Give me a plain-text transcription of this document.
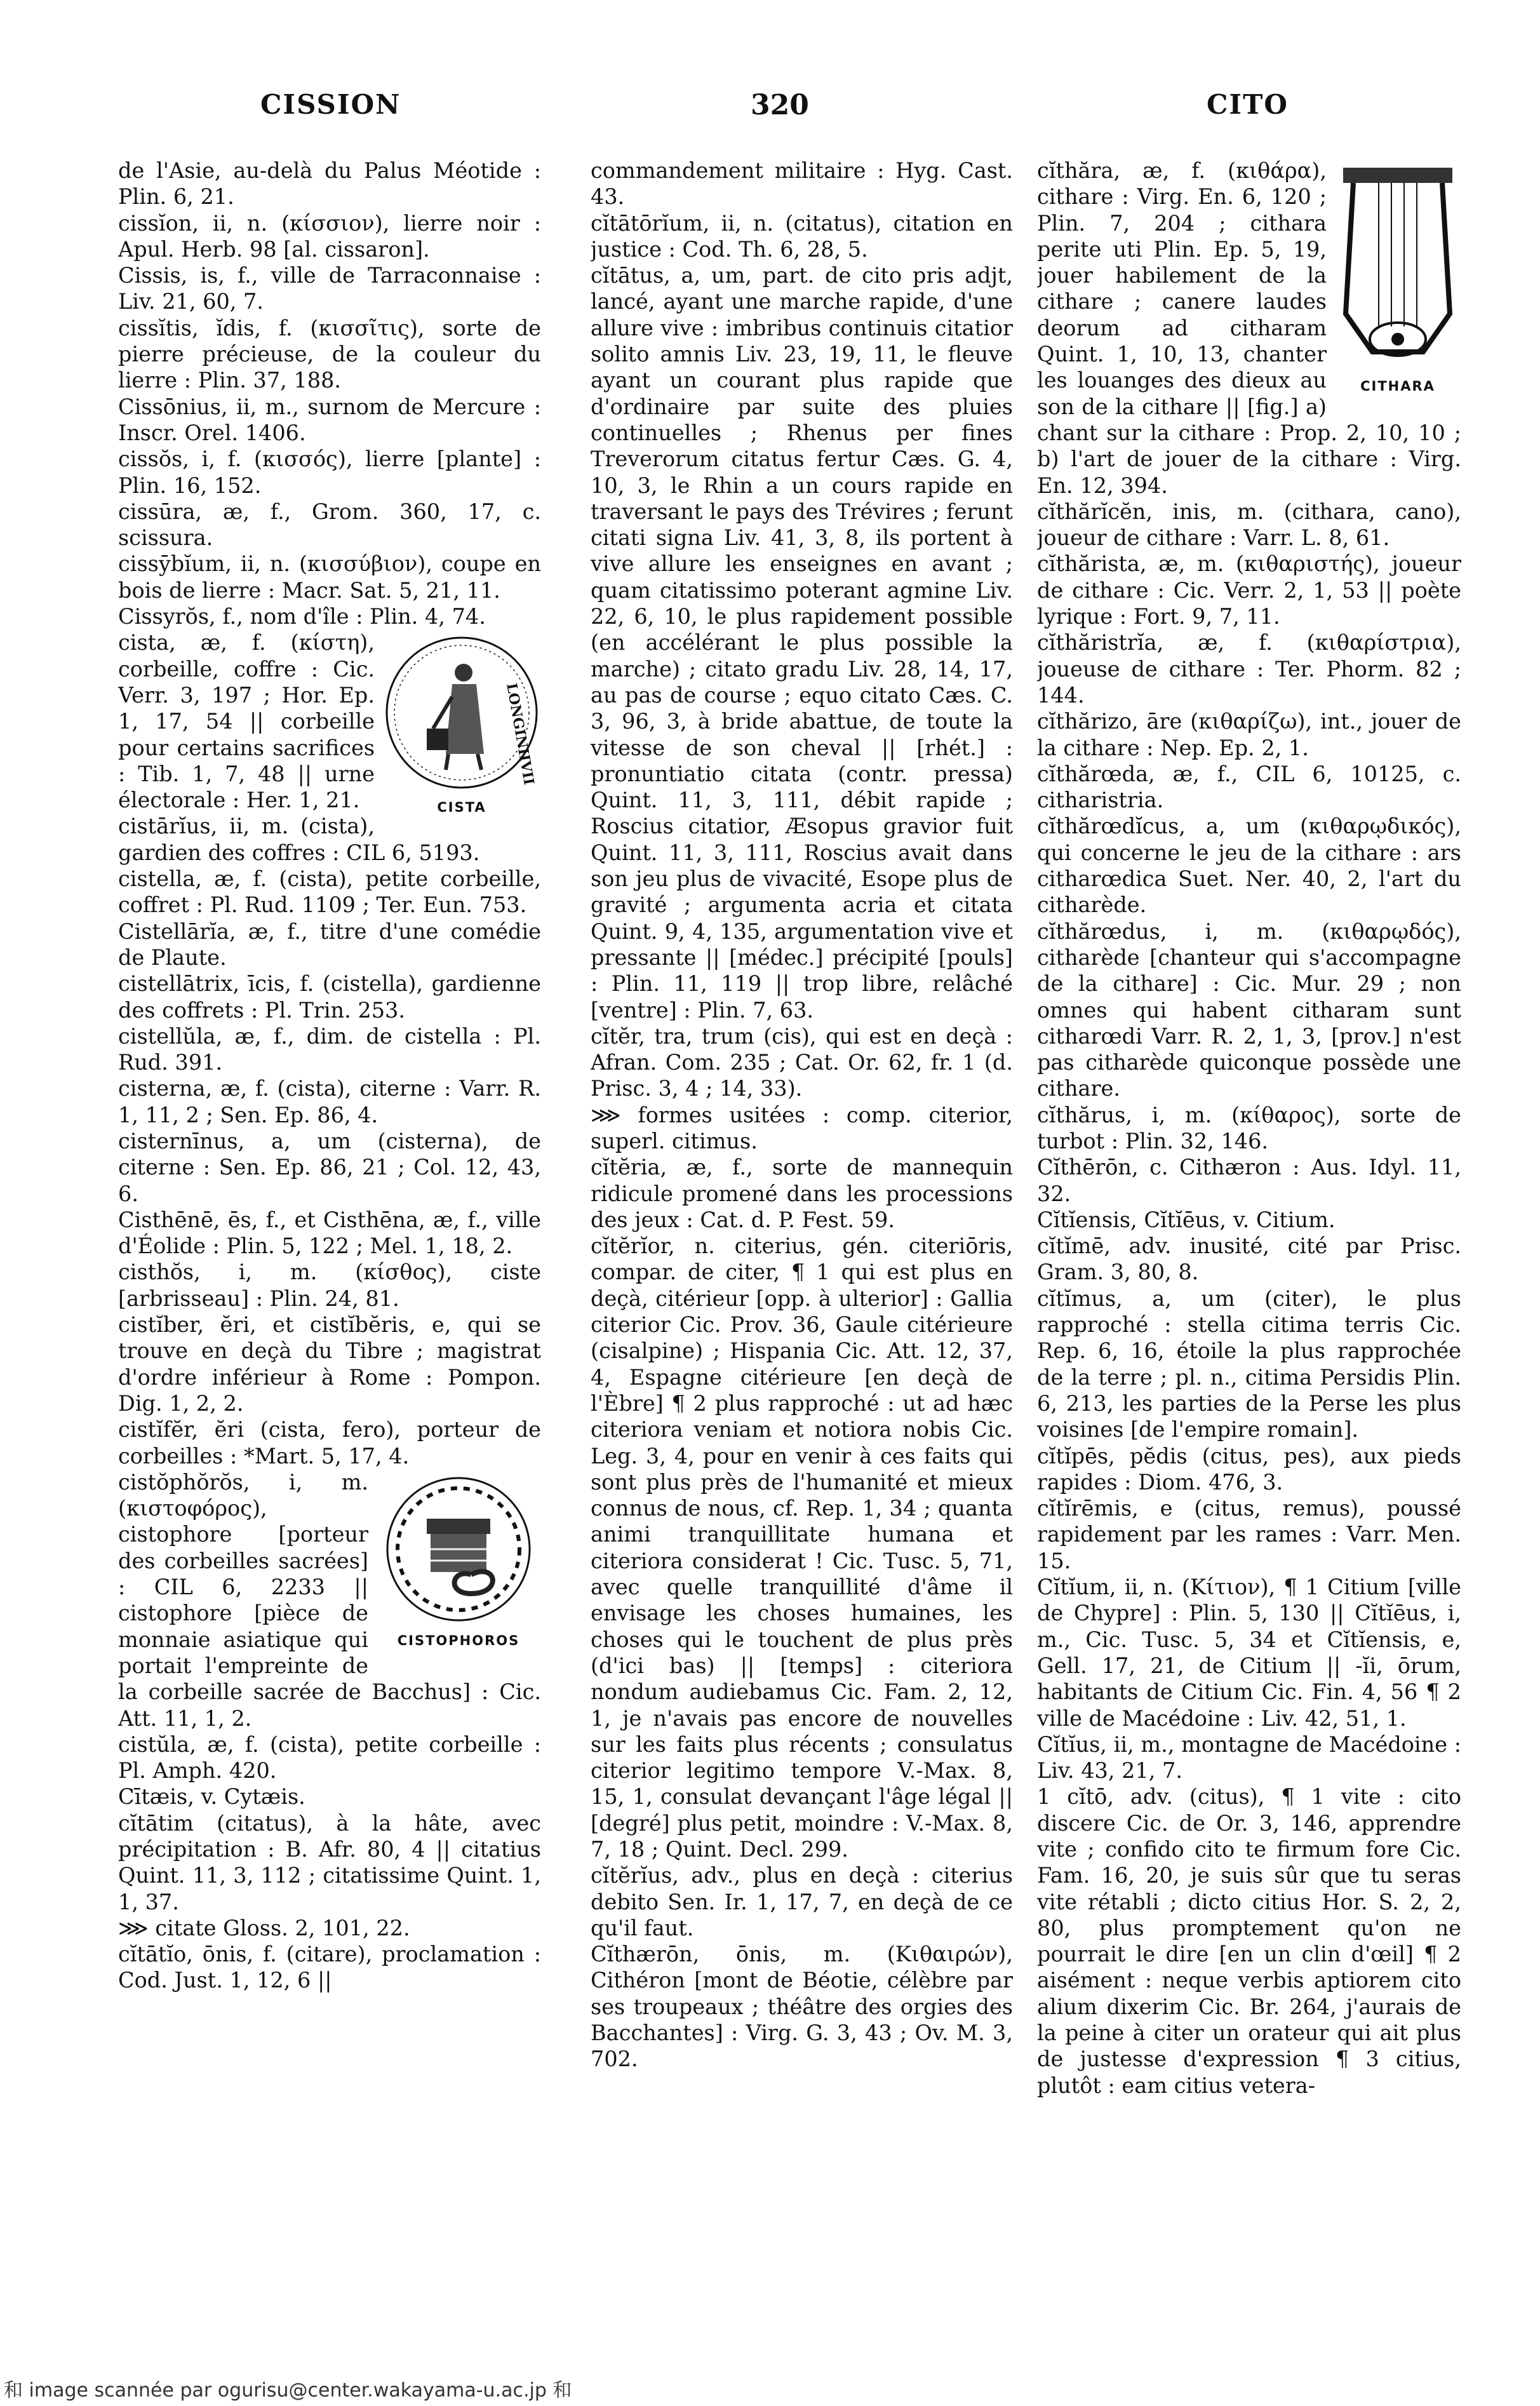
CISSION	320	CITO

de l'Asie, au-delà du Palus Méotide : Plin. 6, 21.

cissĭon, ii, n. (κίσσιον), lierre noir : Apul. Herb. 98 [al. cissaron].

Cissis, is, f., ville de Tarraconnaise : Liv. 21, 60, 7.

cissĭtis, ĭdis, f. (κισσῖτις), sorte de pierre précieuse, de la couleur du lierre : Plin. 37, 188.

Cissōnius, ii, m., surnom de Mercure : Inscr. Orel. 1406.

cissŏs, i, f. (κισσός), lierre [plante] : Plin. 16, 152.

cissūra, æ, f., Grom. 360, 17, c. scissura.

cissȳbĭum, ii, n. (κισσύβιον), coupe en bois de lierre : Macr. Sat. 5, 21, 11.

Cissyrŏs, f., nom d'île : Plin. 4, 74.

LONGINIIVII
CISTA

cista, æ, f. (κίστη), corbeille, coffre : Cic. Verr. 3, 197 ; Hor. Ep. 1, 17, 54 || corbeille pour certains sacrifices : Tib. 1, 7, 48 || urne électorale : Her. 1, 21.

cistārĭus, ii, m. (cista), gardien des coffres : CIL 6, 5193.

cistella, æ, f. (cista), petite corbeille, coffret : Pl. Rud. 1109 ; Ter. Eun. 753.

Cistellārĭa, æ, f., titre d'une comédie de Plaute.

cistellātrix, īcis, f. (cistella), gardienne des coffrets : Pl. Trin. 253.

cistellŭla, æ, f., dim. de cistella : Pl. Rud. 391.

cisterna, æ, f. (cista), citerne : Varr. R. 1, 11, 2 ; Sen. Ep. 86, 4.

cisternīnus, a, um (cisterna), de citerne : Sen. Ep. 86, 21 ; Col. 12, 43, 6.

Cisthēnē, ēs, f., et Cisthēna, æ, f., ville d'Éolide : Plin. 5, 122 ; Mel. 1, 18, 2.

cisthŏs, i, m. (κίσθος), ciste [arbrisseau] : Plin. 24, 81.

cistĭber, ĕri, et cistĭbĕris, e, qui se trouve en deçà du Tibre ; magistrat d'ordre inférieur à Rome : Pompon. Dig. 1, 2, 2.

cistĭfĕr, ĕri (cista, fero), porteur de corbeilles : *Mart. 5, 17, 4.

CISTOPHOROS

cistŏphŏrŏs, i, m. (κιστοφόρος), cistophore [porteur des corbeilles sacrées] : CIL 6, 2233 || cistophore [pièce de monnaie asiatique qui portait l'empreinte de la corbeille sacrée de Bacchus] : Cic. Att. 11, 1, 2.

cistŭla, æ, f. (cista), petite corbeille : Pl. Amph. 420.

Cītæis, v. Cytæis.

cĭtātim (citatus), à la hâte, avec précipitation : B. Afr. 80, 4 || citatius Quint. 11, 3, 112 ; citatissime Quint. 1, 1, 37.

⋙ citate Gloss. 2, 101, 22.

cĭtātĭo, ōnis, f. (citare), proclamation : Cod. Just. 1, 12, 6 ||

commandement militaire : Hyg. Cast. 43.

cĭtātōrĭum, ii, n. (citatus), citation en justice : Cod. Th. 6, 28, 5.

cĭtātus, a, um, part. de cito pris adjt, lancé, ayant une marche rapide, d'une allure vive : imbribus continuis citatior solito amnis Liv. 23, 19, 11, le fleuve ayant un courant plus rapide que d'ordinaire par suite des pluies continuelles ; Rhenus per fines Treverorum citatus fertur Cæs. G. 4, 10, 3, le Rhin a un cours rapide en traversant le pays des Trévires ; ferunt citati signa Liv. 41, 3, 8, ils portent à vive allure les enseignes en avant ; quam citatissimo poterant agmine Liv. 22, 6, 10, le plus rapidement possible (en accélérant le plus possible la marche) ; citato gradu Liv. 28, 14, 17, au pas de course ; equo citato Cæs. C. 3, 96, 3, à bride abattue, de toute la vitesse de son cheval || [rhét.] : pronuntiatio citata (contr. pressa) Quint. 11, 3, 111, débit rapide ; Roscius citatior, Æsopus gravior fuit Quint. 11, 3, 111, Roscius avait dans son jeu plus de vivacité, Esope plus de gravité ; argumenta acria et citata Quint. 9, 4, 135, argumentation vive et pressante || [médec.] précipité [pouls] : Plin. 11, 119 || trop libre, relâché [ventre] : Plin. 7, 63.

cĭtĕr, tra, trum (cis), qui est en deçà : Afran. Com. 235 ; Cat. Or. 62, fr. 1 (d. Prisc. 3, 4 ; 14, 33).

⋙ formes usitées : comp. citerior, superl. citimus.

cĭtĕria, æ, f., sorte de mannequin ridicule promené dans les processions des jeux : Cat. d. P. Fest. 59.

cĭtĕrĭor, n. citerius, gén. citeriōris, compar. de citer, ¶ 1 qui est plus en deçà, citérieur [opp. à ulterior] : Gallia citerior Cic. Prov. 36, Gaule citérieure (cisalpine) ; Hispania Cic. Att. 12, 37, 4, Espagne citérieure [en deçà de l'Èbre] ¶ 2 plus rapproché : ut ad hæc citeriora veniam et notiora nobis Cic. Leg. 3, 4, pour en venir à ces faits qui sont plus près de l'humanité et mieux connus de nous, cf. Rep. 1, 34 ; quanta animi tranquillitate humana et citeriora considerat ! Cic. Tusc. 5, 71, avec quelle tranquillité d'âme il envisage les choses humaines, les choses qui le touchent de plus près (d'ici bas) || [temps] : citeriora nondum audiebamus Cic. Fam. 2, 12, 1, je n'avais pas encore de nouvelles sur les faits plus récents ; consulatus citerior legitimo tempore V.-Max. 8, 15, 1, consulat devançant l'âge légal || [degré] plus petit, moindre : V.-Max. 8, 7, 18 ; Quint. Decl. 299.

cĭtĕrĭus, adv., plus en deçà : citerius debito Sen. Ir. 1, 17, 7, en deçà de ce qu'il faut.

Cĭthærōn, ōnis, m. (Κιθαιρών), Cithéron [mont de Béotie, célèbre par ses troupeaux ; théâtre des orgies des Bacchantes] : Virg. G. 3, 43 ; Ov. M. 3, 702.

CITHARA

cĭthăra, æ, f. (κιθάρα), cithare : Virg. En. 6, 120 ; Plin. 7, 204 ; cithara perite uti Plin. Ep. 5, 19, jouer habilement de la cithare ; canere laudes deorum ad citharam Quint. 1, 10, 13, chanter les louanges des dieux au son de la cithare || [fig.] a) chant sur la cithare : Prop. 2, 10, 10 ; b) l'art de jouer de la cithare : Virg. En. 12, 394.

cĭthărĭcĕn, inis, m. (cithara, cano), joueur de cithare : Varr. L. 8, 61.

cĭthăristа, æ, m. (κιθαριστής), joueur de cithare : Cic. Verr. 2, 1, 53 || poète lyrique : Fort. 9, 7, 11.

cĭthăristrĭa, æ, f. (κιθαρίστρια), joueuse de cithare : Ter. Phorm. 82 ; 144.

cĭthărizo, āre (κιθαρίζω), int., jouer de la cithare : Nep. Ep. 2, 1.

cĭthărœda, æ, f., CIL 6, 10125, c. citharistria.

cĭthărœdĭcus, a, um (κιθαρῳδικός), qui concerne le jeu de la cithare : ars citharœdica Suet. Ner. 40, 2, l'art du citharède.

cĭthărœdus, i, m. (κιθαρῳδός), citharède [chanteur qui s'accompagne de la cithare] : Cic. Mur. 29 ; non omnes qui habent citharam sunt citharœdi Varr. R. 2, 1, 3, [prov.] n'est pas citharède quiconque possède une cithare.

cĭthărus, i, m. (κίθαρος), sorte de turbot : Plin. 32, 146.

Cĭthērōn, c. Cithæron : Aus. Idyl. 11, 32.

Cĭtĭensis, Cĭtĭēus, v. Citium.

cĭtĭmē, adv. inusité, cité par Prisc. Gram. 3, 80, 8.

cĭtĭmus, a, um (citer), le plus rapproché : stella citima terris Cic. Rep. 6, 16, étoile la plus rapprochée de la terre ; pl. n., citima Persidis Plin. 6, 213, les parties de la Perse les plus voisines [de l'empire romain].

cĭtĭpēs, pĕdis (citus, pes), aux pieds rapides : Diom. 476, 3.

cĭtĭrēmis, e (citus, remus), poussé rapidement par les rames : Varr. Men. 15.

Cĭtĭum, ii, n. (Κίτιον), ¶ 1 Citium [ville de Chypre] : Plin. 5, 130 || Cĭtĭēus, i, m., Cic. Tusc. 5, 34 et Cĭtĭensis, e, Gell. 17, 21, de Citium || -ĭi, ōrum, habitants de Citium Cic. Fin. 4, 56 ¶ 2 ville de Macédoine : Liv. 42, 51, 1.

Cĭtĭus, ii, m., montagne de Macédoine : Liv. 43, 21, 7.

1 cĭtō, adv. (citus), ¶ 1 vite : cito discere Cic. de Or. 3, 146, apprendre vite ; confido cito te firmum fore Cic. Fam. 16, 20, je suis sûr que tu seras vite rétabli ; dicto citius Hor. S. 2, 2, 80, plus promptement qu'on ne pourrait le dire [en un clin d'œil] ¶ 2 aisément : neque verbis aptiorem cito alium dixerim Cic. Br. 264, j'aurais de la peine à citer un orateur qui ait plus de justesse d'expression ¶ 3 citius, plutôt : eam citius vetera-

和 image scannée par ogurisu@center.wakayama-u.ac.jp 和
